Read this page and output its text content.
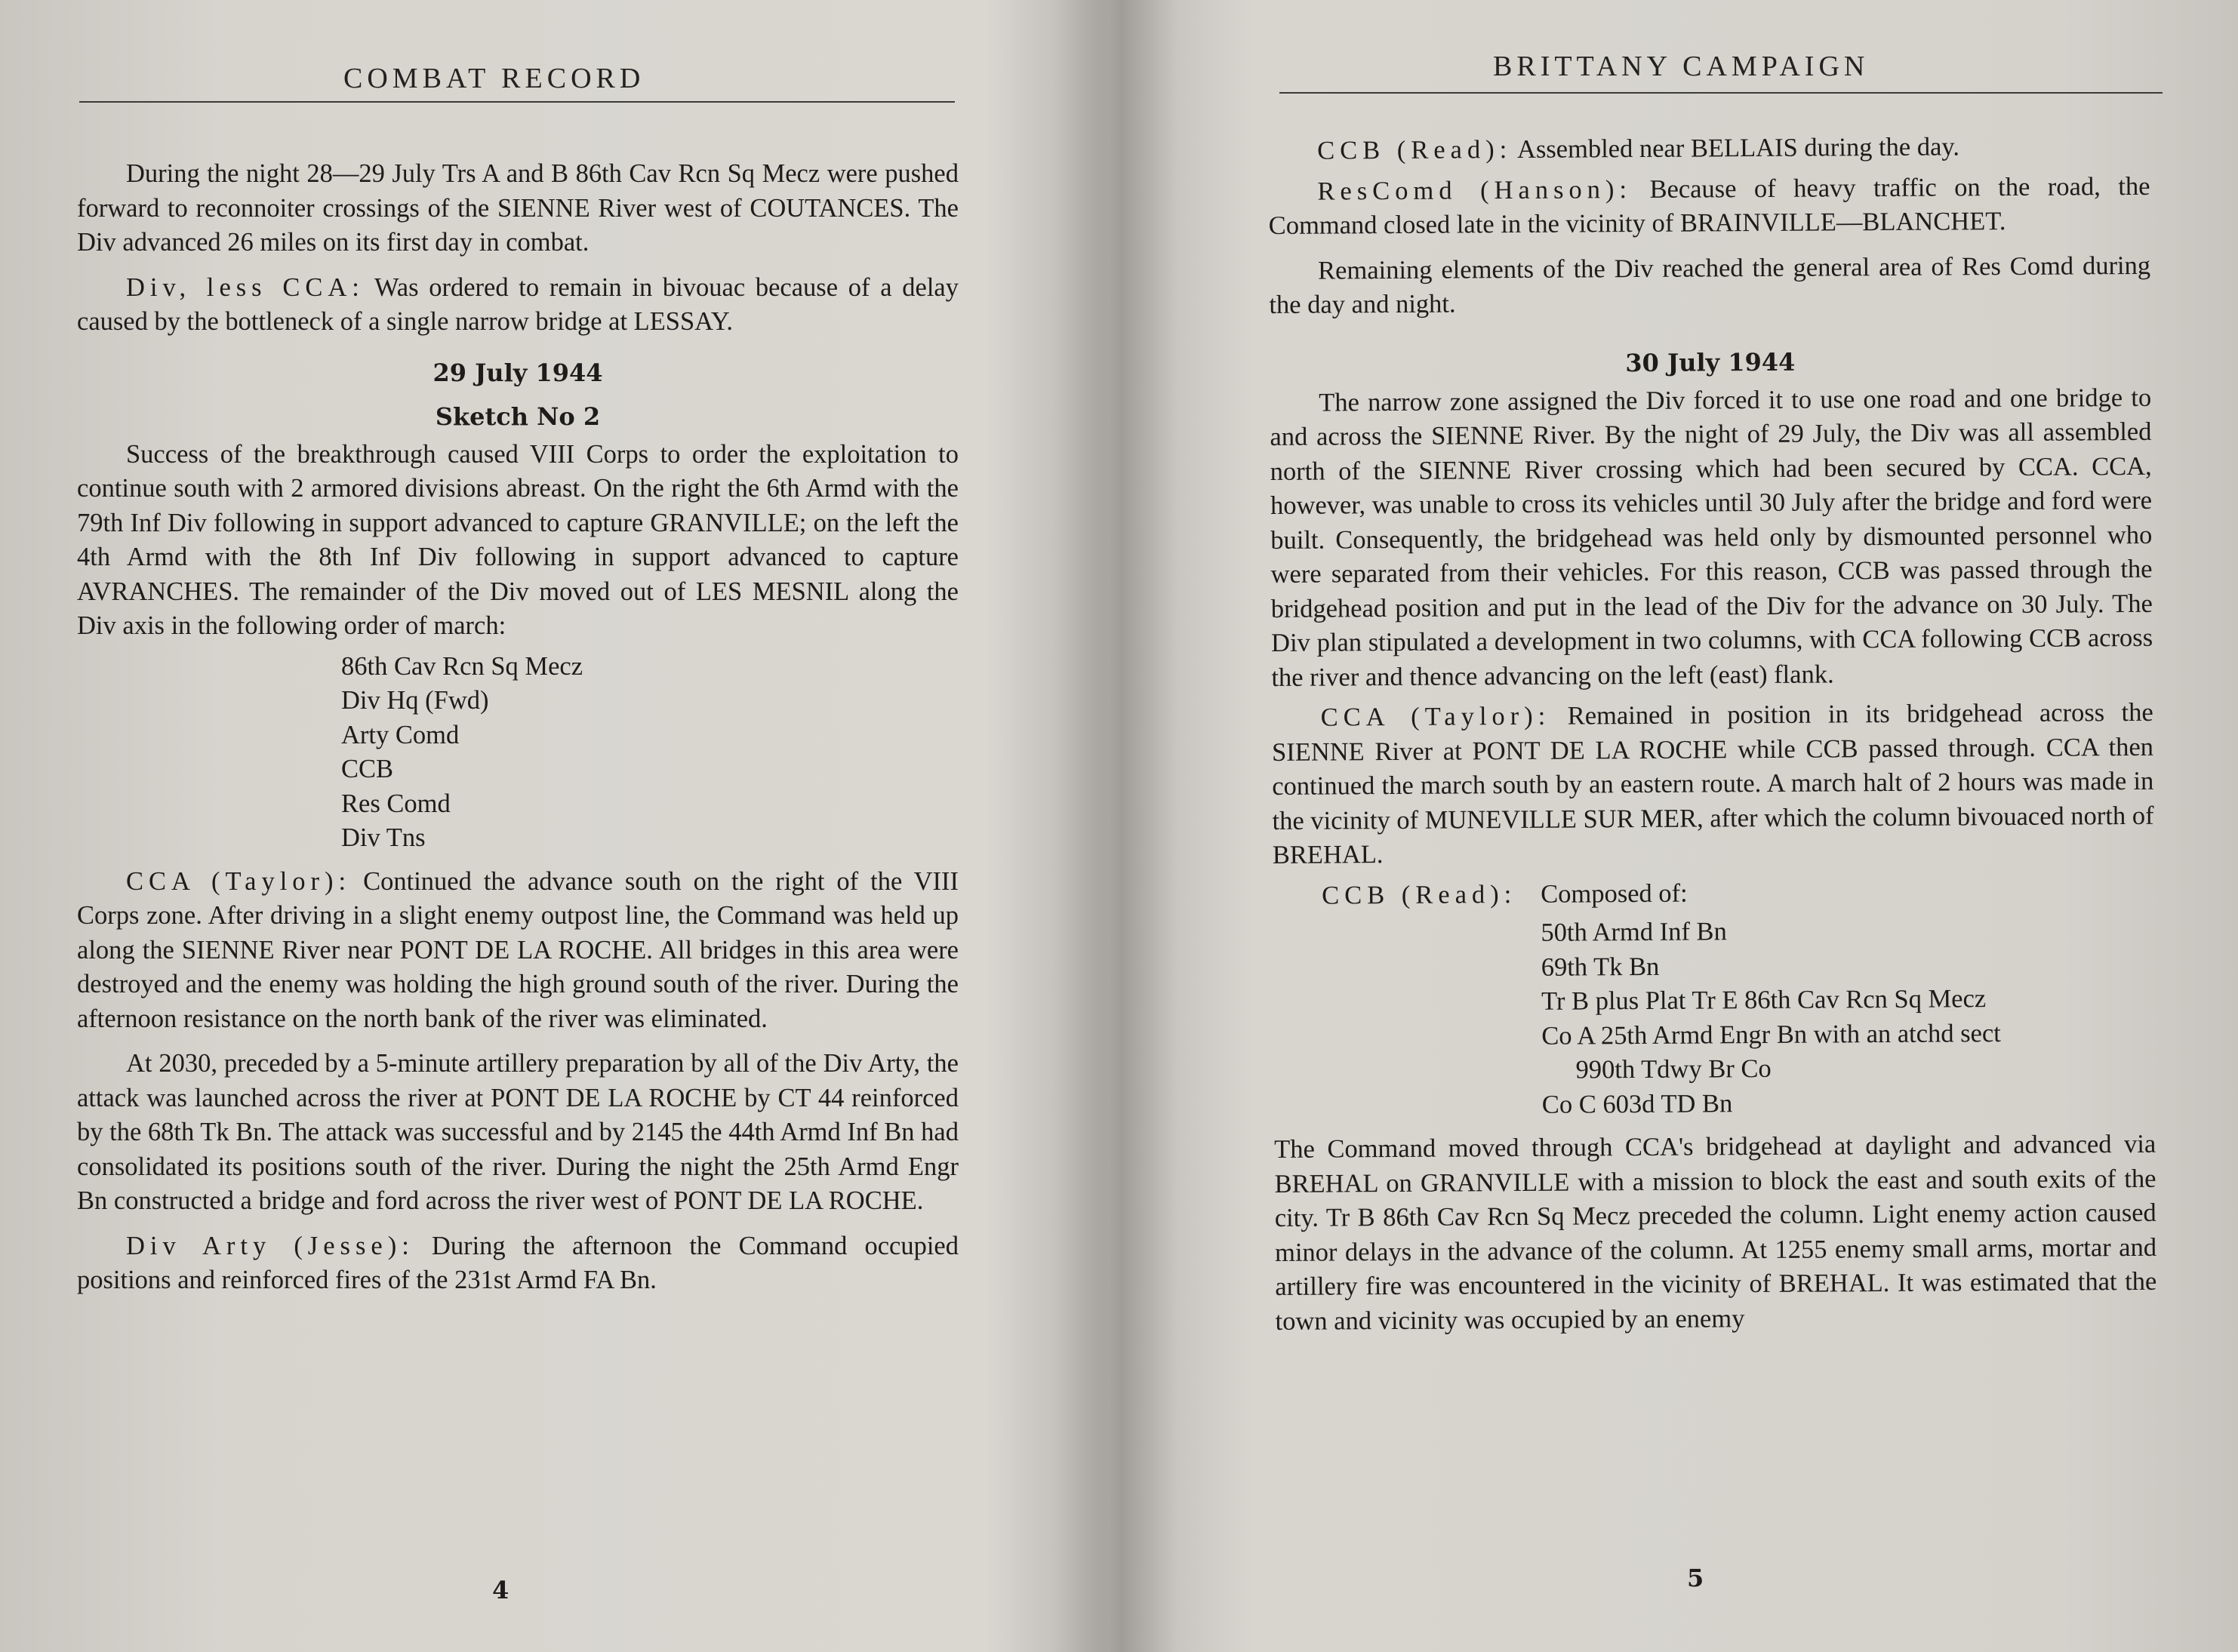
COMBAT RECORD

During the night 28—29 July Trs A and B 86th Cav Rcn Sq Mecz were pushed forward to reconnoiter crossings of the SIENNE River west of COUTANCES. The Div advanced 26 miles on its first day in combat.

Div, less CCA: Was ordered to remain in bivouac because of a delay caused by the bottleneck of a single narrow bridge at LESSAY.

29 July 1944
Sketch No 2

Success of the breakthrough caused VIII Corps to order the exploitation to continue south with 2 armored divisions abreast. On the right the 6th Armd with the 79th Inf Div following in support advanced to capture GRANVILLE; on the left the 4th Armd with the 8th Inf Div following in support advanced to capture AVRANCHES. The remainder of the Div moved out of LES MESNIL along the Div axis in the following order of march:

86th Cav Rcn Sq Mecz
Div Hq (Fwd)
Arty Comd
CCB
Res Comd
Div Tns

CCA (Taylor): Continued the advance south on the right of the VIII Corps zone. After driving in a slight enemy outpost line, the Command was held up along the SIENNE River near PONT DE LA ROCHE. All bridges in this area were destroyed and the enemy was holding the high ground south of the river. During the afternoon resistance on the north bank of the river was eliminated.

At 2030, preceded by a 5-minute artillery preparation by all of the Div Arty, the attack was launched across the river at PONT DE LA ROCHE by CT 44 reinforced by the 68th Tk Bn. The attack was successful and by 2145 the 44th Armd Inf Bn had consolidated its positions south of the river. During the night the 25th Armd Engr Bn constructed a bridge and ford across the river west of PONT DE LA ROCHE.

Div Arty (Jesse): During the afternoon the Command occupied positions and reinforced fires of the 231st Armd FA Bn.

4
BRITTANY CAMPAIGN

CCB (Read): Assembled near BELLAIS during the day.

ResComd (Hanson): Because of heavy traffic on the road, the Command closed late in the vicinity of BRAINVILLE—BLANCHET.

Remaining elements of the Div reached the general area of Res Comd during the day and night.

30 July 1944

The narrow zone assigned the Div forced it to use one road and one bridge to and across the SIENNE River. By the night of 29 July, the Div was all assembled north of the SIENNE River crossing which had been secured by CCA. CCA, however, was unable to cross its vehicles until 30 July after the bridge and ford were built. Consequently, the bridgehead was held only by dismounted personnel who were separated from their vehicles. For this reason, CCB was passed through the bridgehead position and put in the lead of the Div for the advance on 30 July. The Div plan stipulated a development in two columns, with CCA following CCB across the river and thence advancing on the left (east) flank.

CCA (Taylor): Remained in position in its bridgehead across the SIENNE River at PONT DE LA ROCHE while CCB passed through. CCA then continued the march south by an eastern route. A march halt of 2 hours was made in the vicinity of MUNEVILLE SUR MER, after which the column bivouaced north of BREHAL.

CCB (Read): Composed of:
50th Armd Inf Bn
69th Tk Bn
Tr B plus Plat Tr E 86th Cav Rcn Sq Mecz
Co A 25th Armd Engr Bn with an atchd sect
990th Tdwy Br Co
Co C 603d TD Bn

The Command moved through CCA's bridgehead at daylight and advanced via BREHAL on GRANVILLE with a mission to block the east and south exits of the city. Tr B 86th Cav Rcn Sq Mecz preceded the column. Light enemy action caused minor delays in the advance of the column. At 1255 enemy small arms, mortar and artillery fire was encountered in the vicinity of BREHAL. It was estimated that the town and vicinity was occupied by an enemy

5
